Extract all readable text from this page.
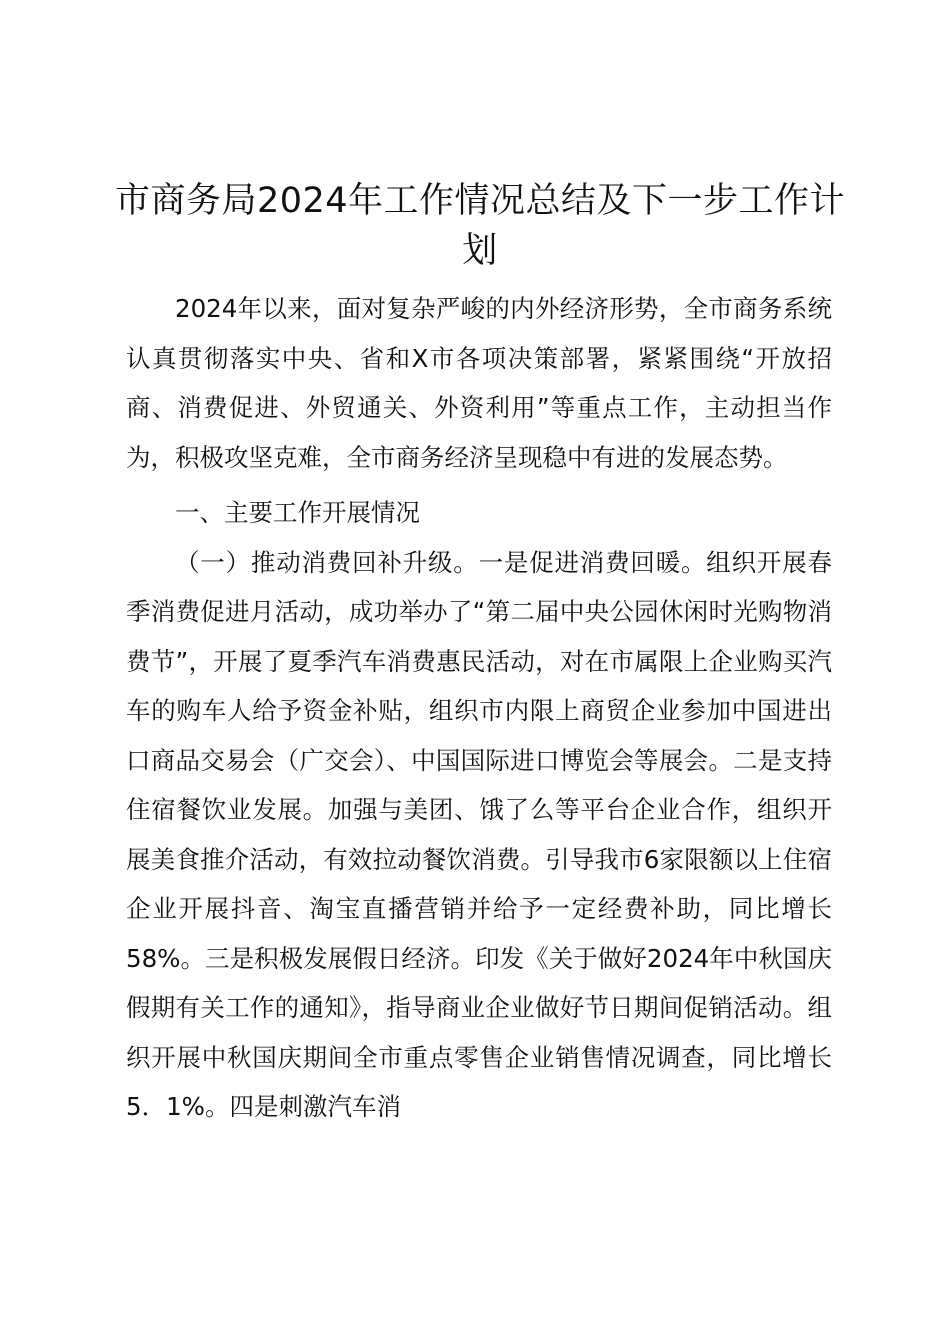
市商务局2024年工作情况总结及下一步工作计划

2024年以来，面对复杂严峻的内外经济形势，全市商务系统认真贯彻落实中央、省和X市各项决策部署，紧紧围绕“开放招商、消费促进、外贸通关、外资利用”等重点工作，主动担当作为，积极攻坚克难，全市商务经济呈现稳中有进的发展态势。

一、主要工作开展情况

（一）推动消费回补升级。一是促进消费回暖。组织开展春季消费促进月活动，成功举办了“第二届中央公园休闲时光购物消费节”，开展了夏季汽车消费惠民活动，对在市属限上企业购买汽车的购车人给予资金补贴，组织市内限上商贸企业参加中国进出口商品交易会（广交会）、中国国际进口博览会等展会。二是支持住宿餐饮业发展。加强与美团、饿了么等平台企业合作，组织开展美食推介活动，有效拉动餐饮消费。引导我市6家限额以上住宿企业开展抖音、淘宝直播营销并给予一定经费补助，同比增长58%。三是积极发展假日经济。印发《关于做好2024年中秋国庆假期有关工作的通知》，指导商业企业做好节日期间促销活动。组织开展中秋国庆期间全市重点零售企业销售情况调查，同比增长5．1%。四是刺激汽车消
